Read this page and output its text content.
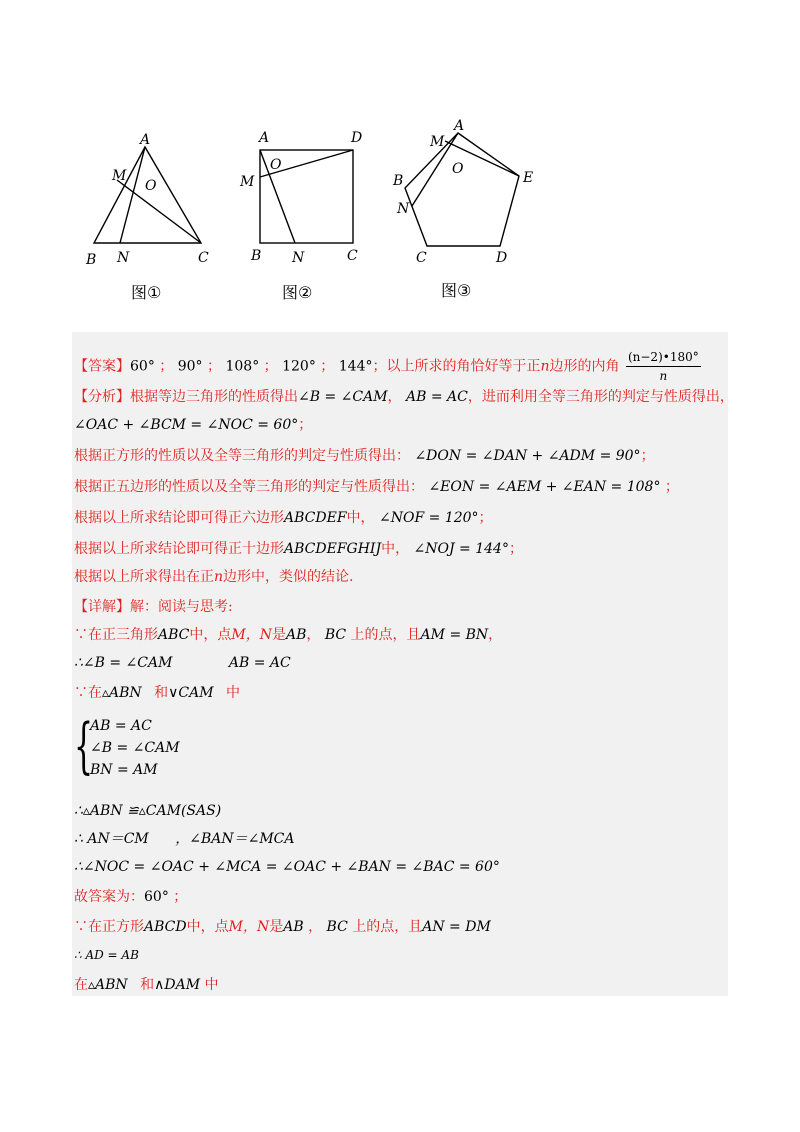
A
B	C
M
N
O
A
B	C
D
M
N
O
A
B
C	D
E
M
N
O
图①	图②	图③
【答案】60° ； 90° ； 108° ； 120° ； 144°；以上所求的角恰好等于正n边形的内角 $\frac{(n-2)•180^\circ}{n}$
【分析】根据等边三角形的性质得出∠B = ∠CAM， AB = AC，进而利用全等三角形的判定与性质得出，
∠OAC + ∠BCM = ∠NOC = 60°；
根据正方形的性质以及全等三角形的判定与性质得出： ∠DON = ∠DAN + ∠ADM = 90°；
根据正五边形的性质以及全等三角形的判定与性质得出： ∠EON = ∠AEM + ∠EAN = 108° ；
根据以上所求结论即可得正六边形ABCDEF中， ∠NOF = 120°；
根据以上所求结论即可得正十边形ABCDEFGHIJ中， ∠NOJ = 144°；
根据以上所求得出在正n边形中，类似的结论.
【详解】解：阅读与思考:
∵在正三角形ABC中，点M，N是AB， BC 上的点，且AM = BN，
∴∠B = ∠CAM	AB = AC
∵在▵ABN 和∨CAM 中
{
AB = AC
∠B = ∠CAM
BN = AM
∴▵ABN ≌▵CAM(SAS)
∴ AN＝CM ，∠BAN＝∠MCA
∴∠NOC = ∠OAC + ∠MCA = ∠OAC + ∠BAN = ∠BAC = 60°
故答案为：60° ；
∵在正方形ABCD中，点M，N是AB ， BC 上的点，且AN = DM
∴ AD = AB
在▵ABN 和∧DAM 中
